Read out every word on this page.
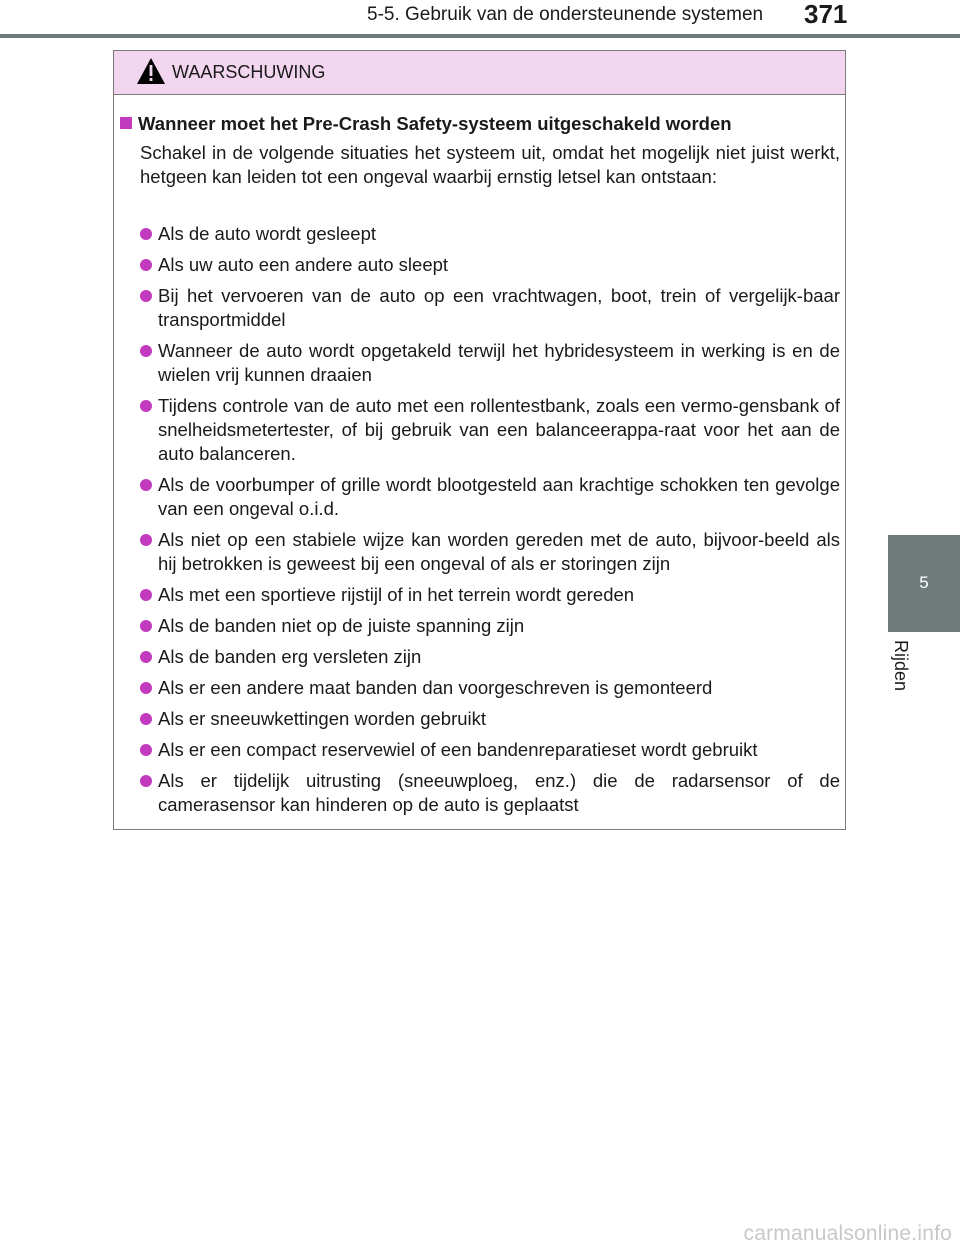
5-5. Gebruik van de ondersteunende systemen 371
5
Rijden
WAARSCHUWING
Wanneer moet het Pre-Crash Safety-systeem uitgeschakeld worden
Schakel in de volgende situaties het systeem uit, omdat het mogelijk niet juist werkt, hetgeen kan leiden tot een ongeval waarbij ernstig letsel kan ontstaan:
Als de auto wordt gesleept
Als uw auto een andere auto sleept
Bij het vervoeren van de auto op een vrachtwagen, boot, trein of vergelijk-baar transportmiddel
Wanneer de auto wordt opgetakeld terwijl het hybridesysteem in werking is en de wielen vrij kunnen draaien
Tijdens controle van de auto met een rollentestbank, zoals een vermo-gensbank of snelheidsmetertester, of bij gebruik van een balanceerappa-raat voor het aan de auto balanceren.
Als de voorbumper of grille wordt blootgesteld aan krachtige schokken ten gevolge van een ongeval o.i.d.
Als niet op een stabiele wijze kan worden gereden met de auto, bijvoor-beeld als hij betrokken is geweest bij een ongeval of als er storingen zijn
Als met een sportieve rijstijl of in het terrein wordt gereden
Als de banden niet op de juiste spanning zijn
Als de banden erg versleten zijn
Als er een andere maat banden dan voorgeschreven is gemonteerd
Als er sneeuwkettingen worden gebruikt
Als er een compact reservewiel of een bandenreparatieset wordt gebruikt
Als er tijdelijk uitrusting (sneeuwploeg, enz.) die de radarsensor of de camerasensor kan hinderen op de auto is geplaatst
carmanualsonline.info
